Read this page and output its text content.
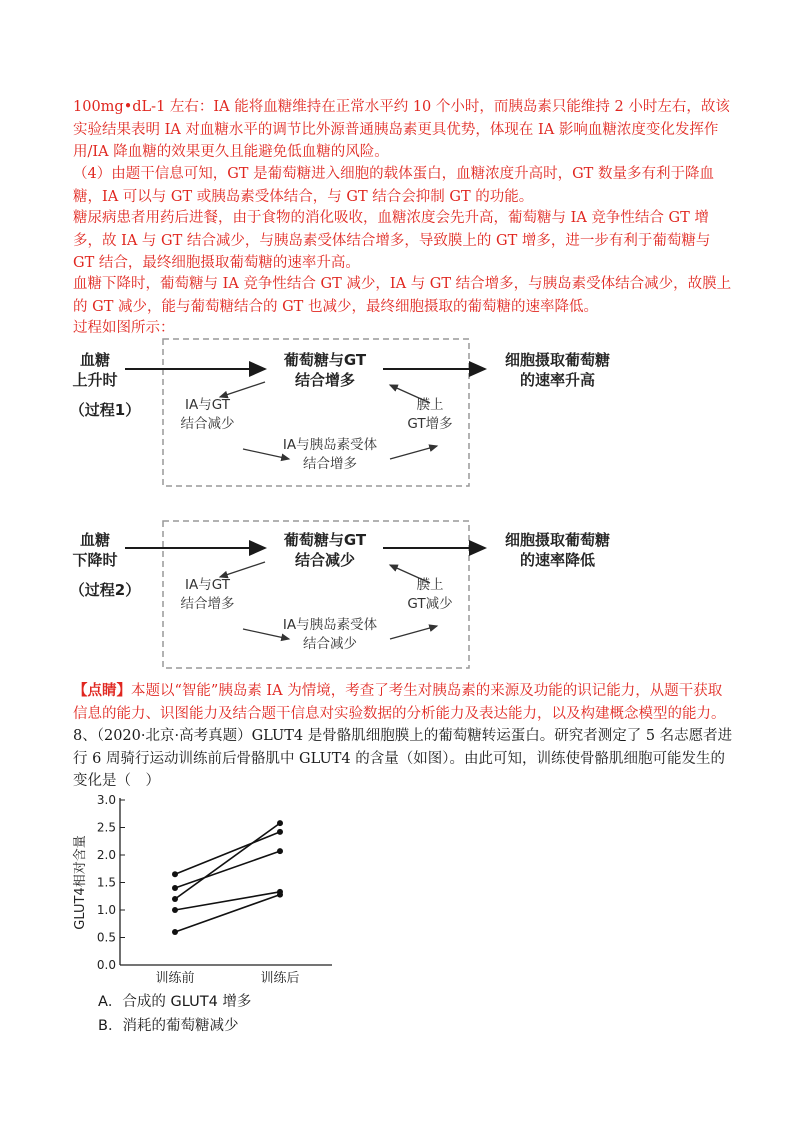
100mg•dL-1 左右：IA 能将血糖维持在正常水平约 10 个小时，而胰岛素只能维持 2 小时左右，故该实验结果表明 IA 对血糖水平的调节比外源普通胰岛素更具优势，体现在 IA 影响血糖浓度变化发挥作用/IA 降血糖的效果更久且能避免低血糖的风险。

（4）由题干信息可知，GT 是葡萄糖进入细胞的载体蛋白，血糖浓度升高时，GT 数量多有利于降血糖，IA 可以与 GT 或胰岛素受体结合，与 GT 结合会抑制 GT 的功能。

糖尿病患者用药后进餐，由于食物的消化吸收，血糖浓度会先升高，葡萄糖与 IA 竞争性结合 GT 增多，故 IA 与 GT 结合减少，与胰岛素受体结合增多，导致膜上的 GT 增多，进一步有利于葡萄糖与 GT 结合，最终细胞摄取葡萄糖的速率升高。

血糖下降时，葡萄糖与 IA 竞争性结合 GT 减少，IA 与 GT 结合增多，与胰岛素受体结合减少，故膜上的 GT 减少，能与葡萄糖结合的 GT 也减少，最终细胞摄取的葡萄糖的速率降低。

过程如图所示：

血糖
上升时
（过程1）
葡萄糖与GT
结合增多
细胞摄取葡萄糖
的速率升高
IA与GT
结合减少
膜上
GT增多
IA与胰岛素受体
结合增多
血糖
下降时
（过程2）
葡萄糖与GT
结合减少
细胞摄取葡萄糖
的速率降低
IA与GT
结合增多
膜上
GT减少
IA与胰岛素受体
结合减少

【点睛】本题以“智能”胰岛素 IA 为情境，考查了考生对胰岛素的来源及功能的识记能力，从题干获取信息的能力、识图能力及结合题干信息对实验数据的分析能力及表达能力，以及构建概念模型的能力。

8、（2020·北京·高考真题）GLUT4 是骨骼肌细胞膜上的葡萄糖转运蛋白。研究者测定了 5 名志愿者进行 6 周骑行运动训练前后骨骼肌中 GLUT4 的含量（如图）。由此可知，训练使骨骼肌细胞可能发生的变化是（　）

0.0
0.5
1.0
1.5
2.0
2.5
3.0
训练前	训练后
GLUT4相对含量
A．合成的 GLUT4 增多
B．消耗的葡萄糖减少
